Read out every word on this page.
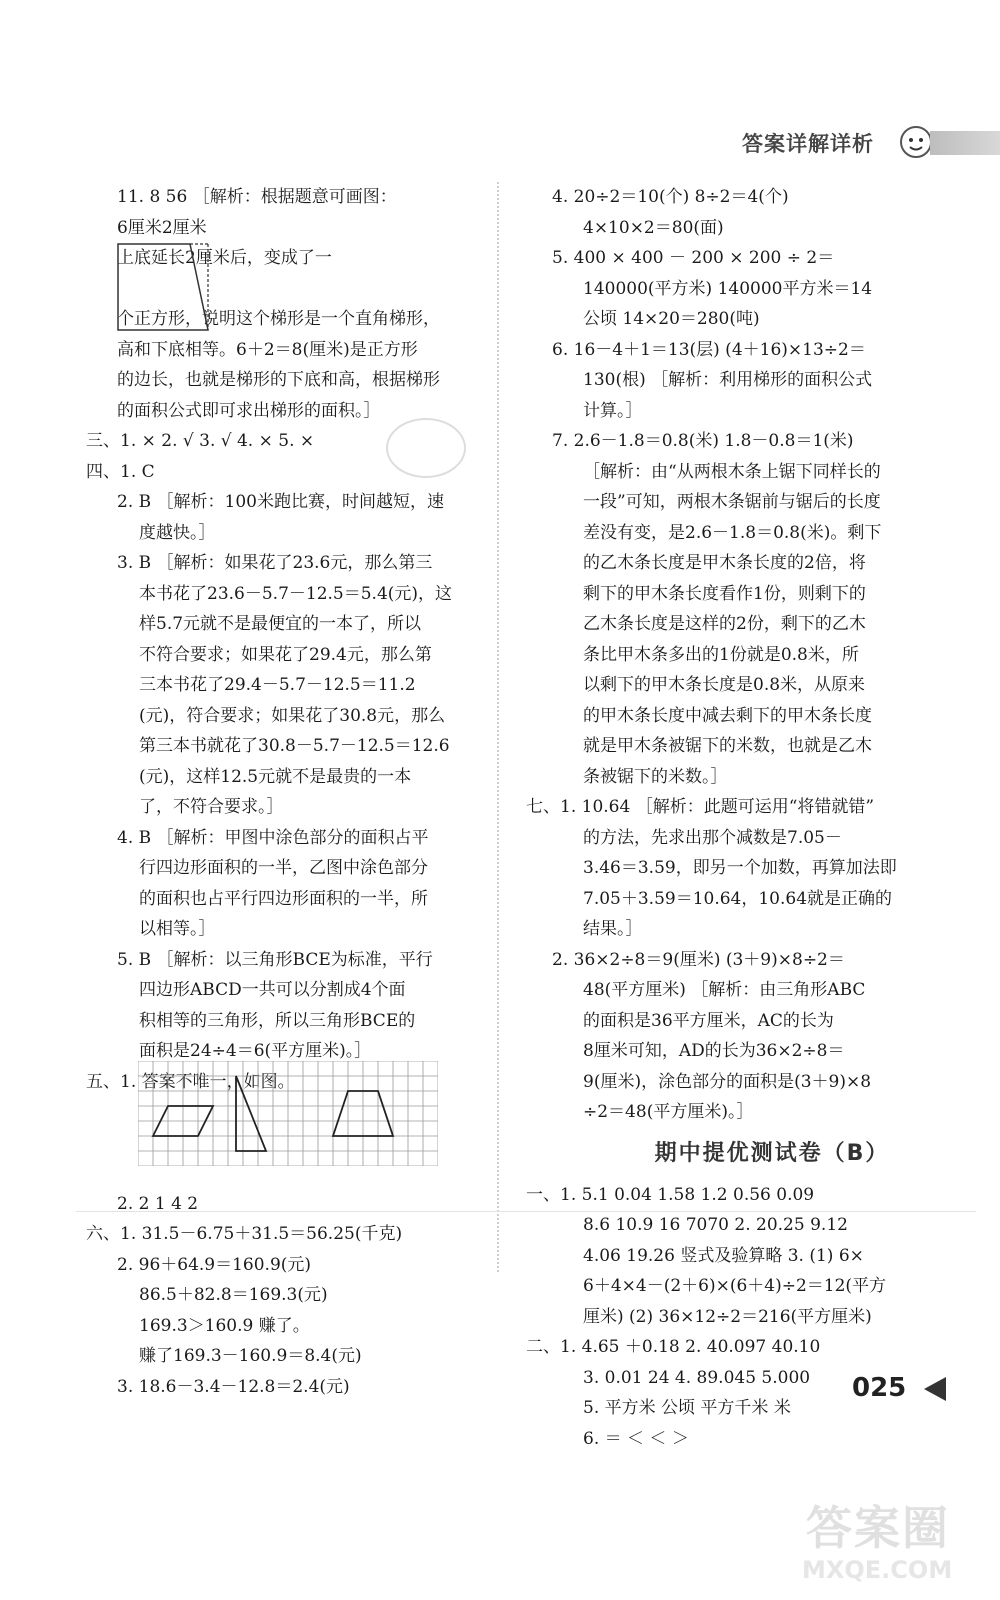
答案详解详析
11. 8 56 ［解析：根据题意可画图：
6厘米2厘米
上底延长2厘米后，变成了一

个正方形，说明这个梯形是一个直角梯形，
高和下底相等。6＋2＝8(厘米)是正方形
的边长，也就是梯形的下底和高，根据梯形
的面积公式即可求出梯形的面积。］
三、1. × 2. √ 3. √ 4. × 5. ×
四、1. C
2. B ［解析：100米跑比赛，时间越短，速
度越快。］
3. B ［解析：如果花了23.6元，那么第三
本书花了23.6－5.7－12.5＝5.4(元)，这
样5.7元就不是最便宜的一本了，所以
不符合要求；如果花了29.4元，那么第
三本书花了29.4－5.7－12.5＝11.2
(元)，符合要求；如果花了30.8元，那么
第三本书就花了30.8－5.7－12.5＝12.6
(元)，这样12.5元就不是最贵的一本
了，不符合要求。］
4. B ［解析：甲图中涂色部分的面积占平
行四边形面积的一半，乙图中涂色部分
的面积也占平行四边形面积的一半，所
以相等。］
5. B ［解析：以三角形BCE为标准，平行
四边形ABCD一共可以分割成4个面
积相等的三角形，所以三角形BCE的
面积是24÷4＝6(平方厘米)。］
五、1. 答案不唯一，如图。

2. 2 1 4 2
六、1. 31.5－6.75＋31.5＝56.25(千克)
2. 96＋64.9＝160.9(元)
86.5＋82.8＝169.3(元)
169.3＞160.9 赚了。
赚了169.3－160.9＝8.4(元)
3. 18.6－3.4－12.8＝2.4(元)
4. 20÷2＝10(个) 8÷2＝4(个)
4×10×2＝80(面)
5. 400 × 400 － 200 × 200 ÷ 2＝
140000(平方米) 140000平方米＝14
公顷 14×20＝280(吨)
6. 16－4＋1＝13(层) (4＋16)×13÷2＝
130(根) ［解析：利用梯形的面积公式
计算。］
7. 2.6－1.8＝0.8(米) 1.8－0.8＝1(米)
［解析：由“从两根木条上锯下同样长的
一段”可知，两根木条锯前与锯后的长度
差没有变，是2.6－1.8＝0.8(米)。剩下
的乙木条长度是甲木条长度的2倍，将
剩下的甲木条长度看作1份，则剩下的
乙木条长度是这样的2份，剩下的乙木
条比甲木条多出的1份就是0.8米，所
以剩下的甲木条长度是0.8米，从原来
的甲木条长度中减去剩下的甲木条长度
就是甲木条被锯下的米数，也就是乙木
条被锯下的米数。］
七、1. 10.64 ［解析：此题可运用“将错就错”
的方法，先求出那个减数是7.05－
3.46＝3.59，即另一个加数，再算加法即
7.05＋3.59＝10.64，10.64就是正确的
结果。］
2. 36×2÷8＝9(厘米) (3＋9)×8÷2＝
48(平方厘米) ［解析：由三角形ABC
的面积是36平方厘米，AC的长为
8厘米可知，AD的长为36×2÷8＝
9(厘米)，涂色部分的面积是(3＋9)×8
÷2＝48(平方厘米)。］
期中提优测试卷（B）
一、1. 5.1 0.04 1.58 1.2 0.56 0.09
8.6 10.9 16 7070 2. 20.25 9.12
4.06 19.26 竖式及验算略 3. (1) 6×
6＋4×4－(2＋6)×(6＋4)÷2＝12(平方
厘米) (2) 36×12÷2＝216(平方厘米)
二、1. 4.65 ＋0.18 2. 40.097 40.10
3. 0.01 24 4. 89.045 5.000
5. 平方米 公顷 平方千米 米
6. ＝ ＜ ＜ ＞
025
答案圈
MXQE.COM
